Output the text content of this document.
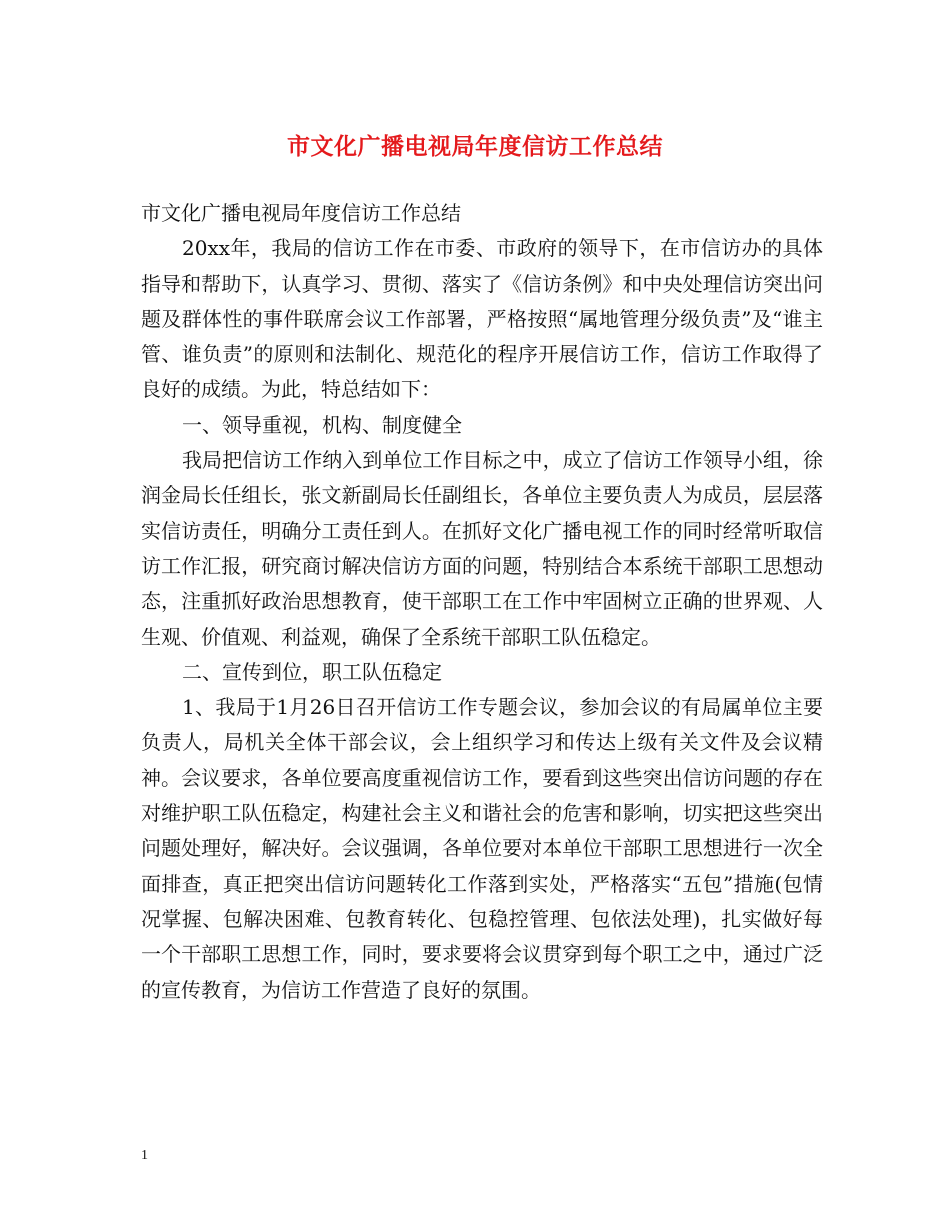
市文化广播电视局年度信访工作总结

市文化广播电视局年度信访工作总结

20xx年，我局的信访工作在市委、市政府的领导下，在市信访办的具体指导和帮助下，认真学习、贯彻、落实了《信访条例》和中央处理信访突出问题及群体性的事件联席会议工作部署，严格按照“属地管理分级负责”及“谁主管、谁负责”的原则和法制化、规范化的程序开展信访工作，信访工作取得了良好的成绩。为此，特总结如下：

一、领导重视，机构、制度健全

我局把信访工作纳入到单位工作目标之中，成立了信访工作领导小组，徐润金局长任组长，张文新副局长任副组长，各单位主要负责人为成员，层层落实信访责任，明确分工责任到人。在抓好文化广播电视工作的同时经常听取信访工作汇报，研究商讨解决信访方面的问题，特别结合本系统干部职工思想动态，注重抓好政治思想教育，使干部职工在工作中牢固树立正确的世界观、人生观、价值观、利益观，确保了全系统干部职工队伍稳定。

二、宣传到位，职工队伍稳定

1、我局于1月26日召开信访工作专题会议，参加会议的有局属单位主要负责人，局机关全体干部会议，会上组织学习和传达上级有关文件及会议精神。会议要求，各单位要高度重视信访工作，要看到这些突出信访问题的存在对维护职工队伍稳定，构建社会主义和谐社会的危害和影响，切实把这些突出问题处理好，解决好。会议强调，各单位要对本单位干部职工思想进行一次全面排查，真正把突出信访问题转化工作落到实处，严格落实“五包”措施(包情况掌握、包解决困难、包教育转化、包稳控管理、包依法处理)，扎实做好每一个干部职工思想工作，同时，要求要将会议贯穿到每个职工之中，通过广泛的宣传教育，为信访工作营造了良好的氛围。

1
